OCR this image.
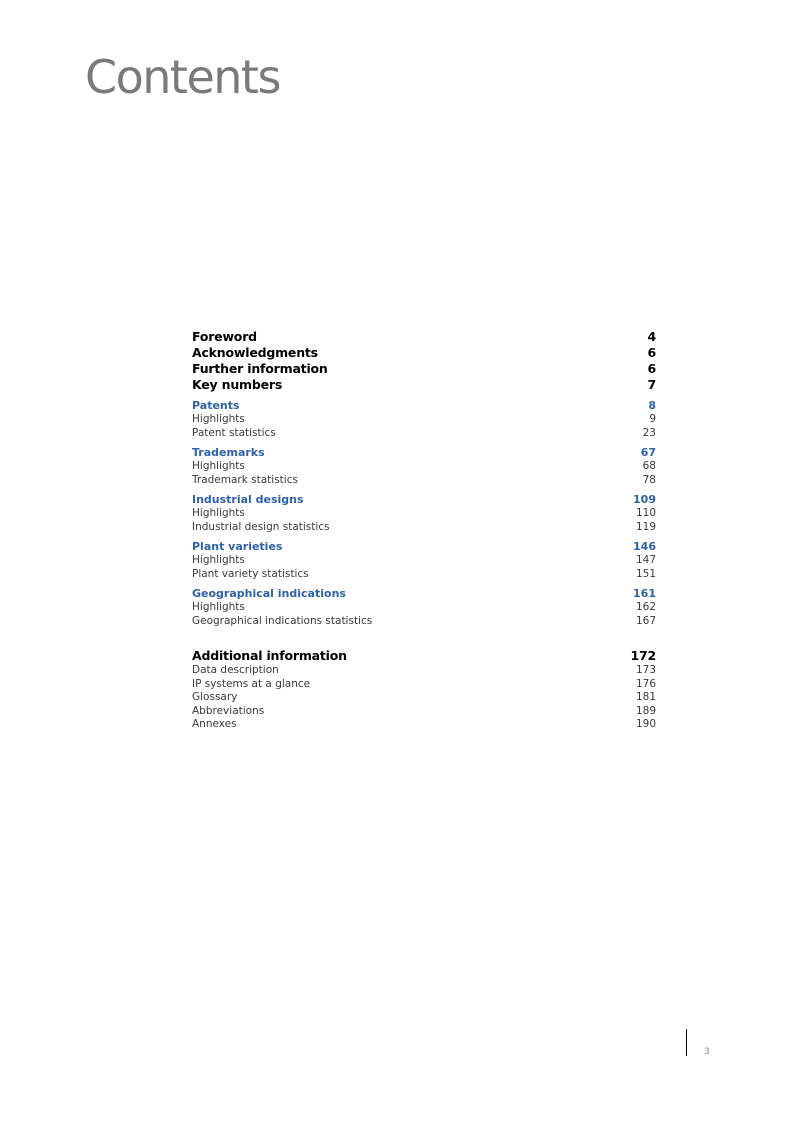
Contents
Foreword	4
Acknowledgments	6
Further information	6
Key numbers	7
Patents	8
Highlights	9
Patent statistics	23
Trademarks	67
Highlights	68
Trademark statistics	78
Industrial designs	109
Highlights	110
Industrial design statistics	119
Plant varieties	146
Highlights	147
Plant variety statistics	151
Geographical indications	161
Highlights	162
Geographical indications statistics	167
Additional information	172
Data description	173
IP systems at a glance	176
Glossary	181
Abbreviations	189
Annexes	190
3
